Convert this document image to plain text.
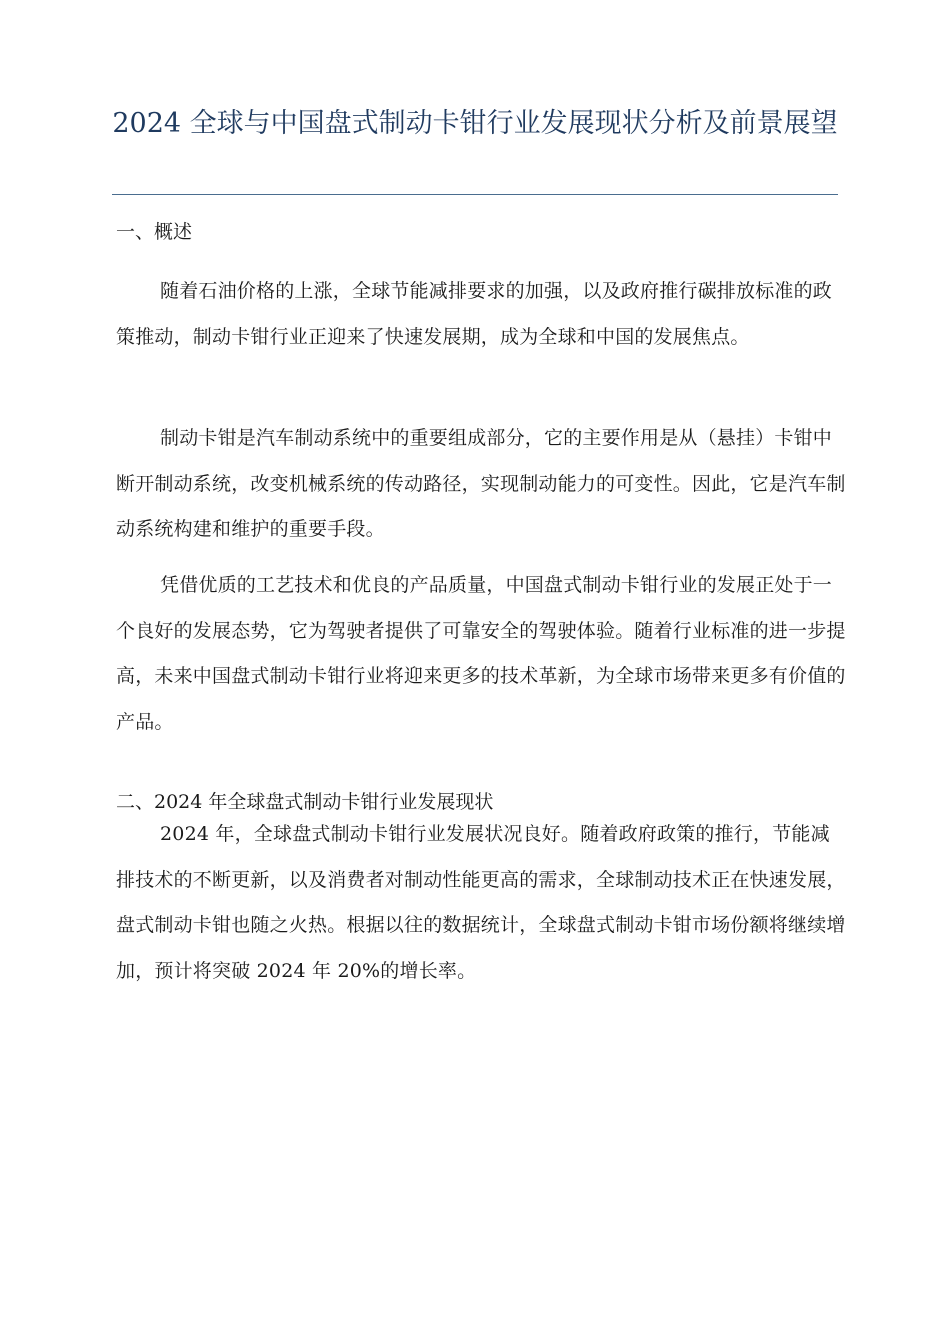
2024 全球与中国盘式制动卡钳行业发展现状分析及前景展望
一、概述

随着石油价格的上涨，全球节能减排要求的加强，以及政府推行碳排放标准的政策推动，制动卡钳行业正迎来了快速发展期，成为全球和中国的发展焦点。

制动卡钳是汽车制动系统中的重要组成部分，它的主要作用是从（悬挂）卡钳中断开制动系统，改变机械系统的传动路径，实现制动能力的可变性。因此，它是汽车制动系统构建和维护的重要手段。

凭借优质的工艺技术和优良的产品质量，中国盘式制动卡钳行业的发展正处于一个良好的发展态势，它为驾驶者提供了可靠安全的驾驶体验。随着行业标准的进一步提高，未来中国盘式制动卡钳行业将迎来更多的技术革新，为全球市场带来更多有价值的产品。

二、2024 年全球盘式制动卡钳行业发展现状

2024 年，全球盘式制动卡钳行业发展状况良好。随着政府政策的推行，节能减排技术的不断更新，以及消费者对制动性能更高的需求，全球制动技术正在快速发展，盘式制动卡钳也随之火热。根据以往的数据统计，全球盘式制动卡钳市场份额将继续增加，预计将突破 2024 年 20%的增长率。
